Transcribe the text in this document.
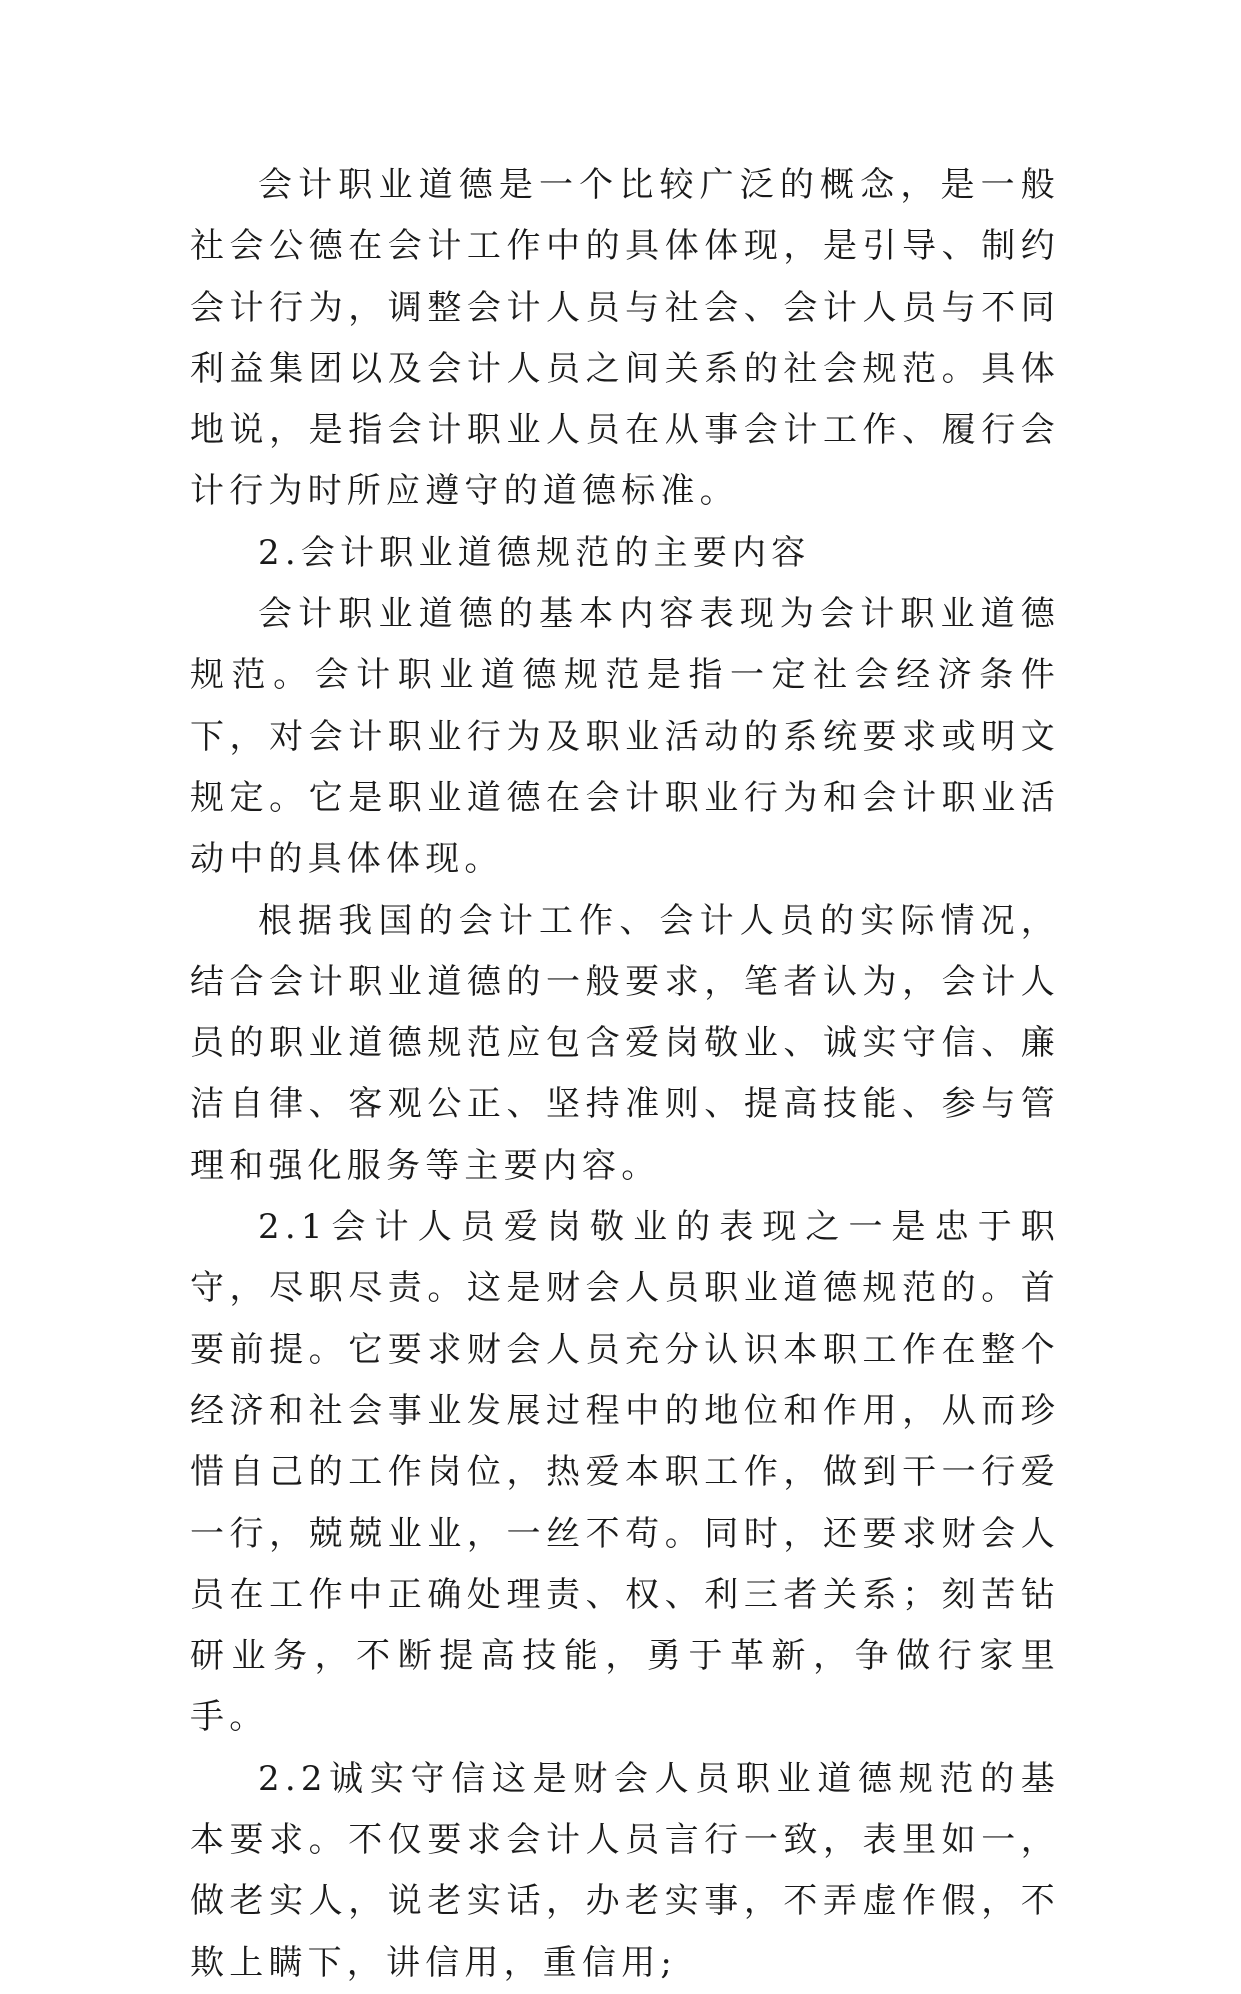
会计职业道德是一个比较广泛的概念，是一般社会公德在会计工作中的具体体现，是引导、制约会计行为，调整会计人员与社会、会计人员与不同利益集团以及会计人员之间关系的社会规范。具体地说，是指会计职业人员在从事会计工作、履行会计行为时所应遵守的道德标准。

2.会计职业道德规范的主要内容

会计职业道德的基本内容表现为会计职业道德规范。会计职业道德规范是指一定社会经济条件下，对会计职业行为及职业活动的系统要求或明文规定。它是职业道德在会计职业行为和会计职业活动中的具体体现。

根据我国的会计工作、会计人员的实际情况，结合会计职业道德的一般要求，笔者认为，会计人员的职业道德规范应包含爱岗敬业、诚实守信、廉洁自律、客观公正、坚持准则、提高技能、参与管理和强化服务等主要内容。

2.1会计人员爱岗敬业的表现之一是忠于职守，尽职尽责。这是财会人员职业道德规范的。首要前提。它要求财会人员充分认识本职工作在整个经济和社会事业发展过程中的地位和作用，从而珍惜自己的工作岗位，热爱本职工作，做到干一行爱一行，兢兢业业，一丝不苟。同时，还要求财会人员在工作中正确处理责、权、利三者关系；刻苦钻研业务，不断提高技能，勇于革新，争做行家里手。

2.2诚实守信这是财会人员职业道德规范的基本要求。不仅要求会计人员言行一致，表里如一，做老实人，说老实话，办老实事，不弄虚作假，不欺上瞒下，讲信用，重信用;
